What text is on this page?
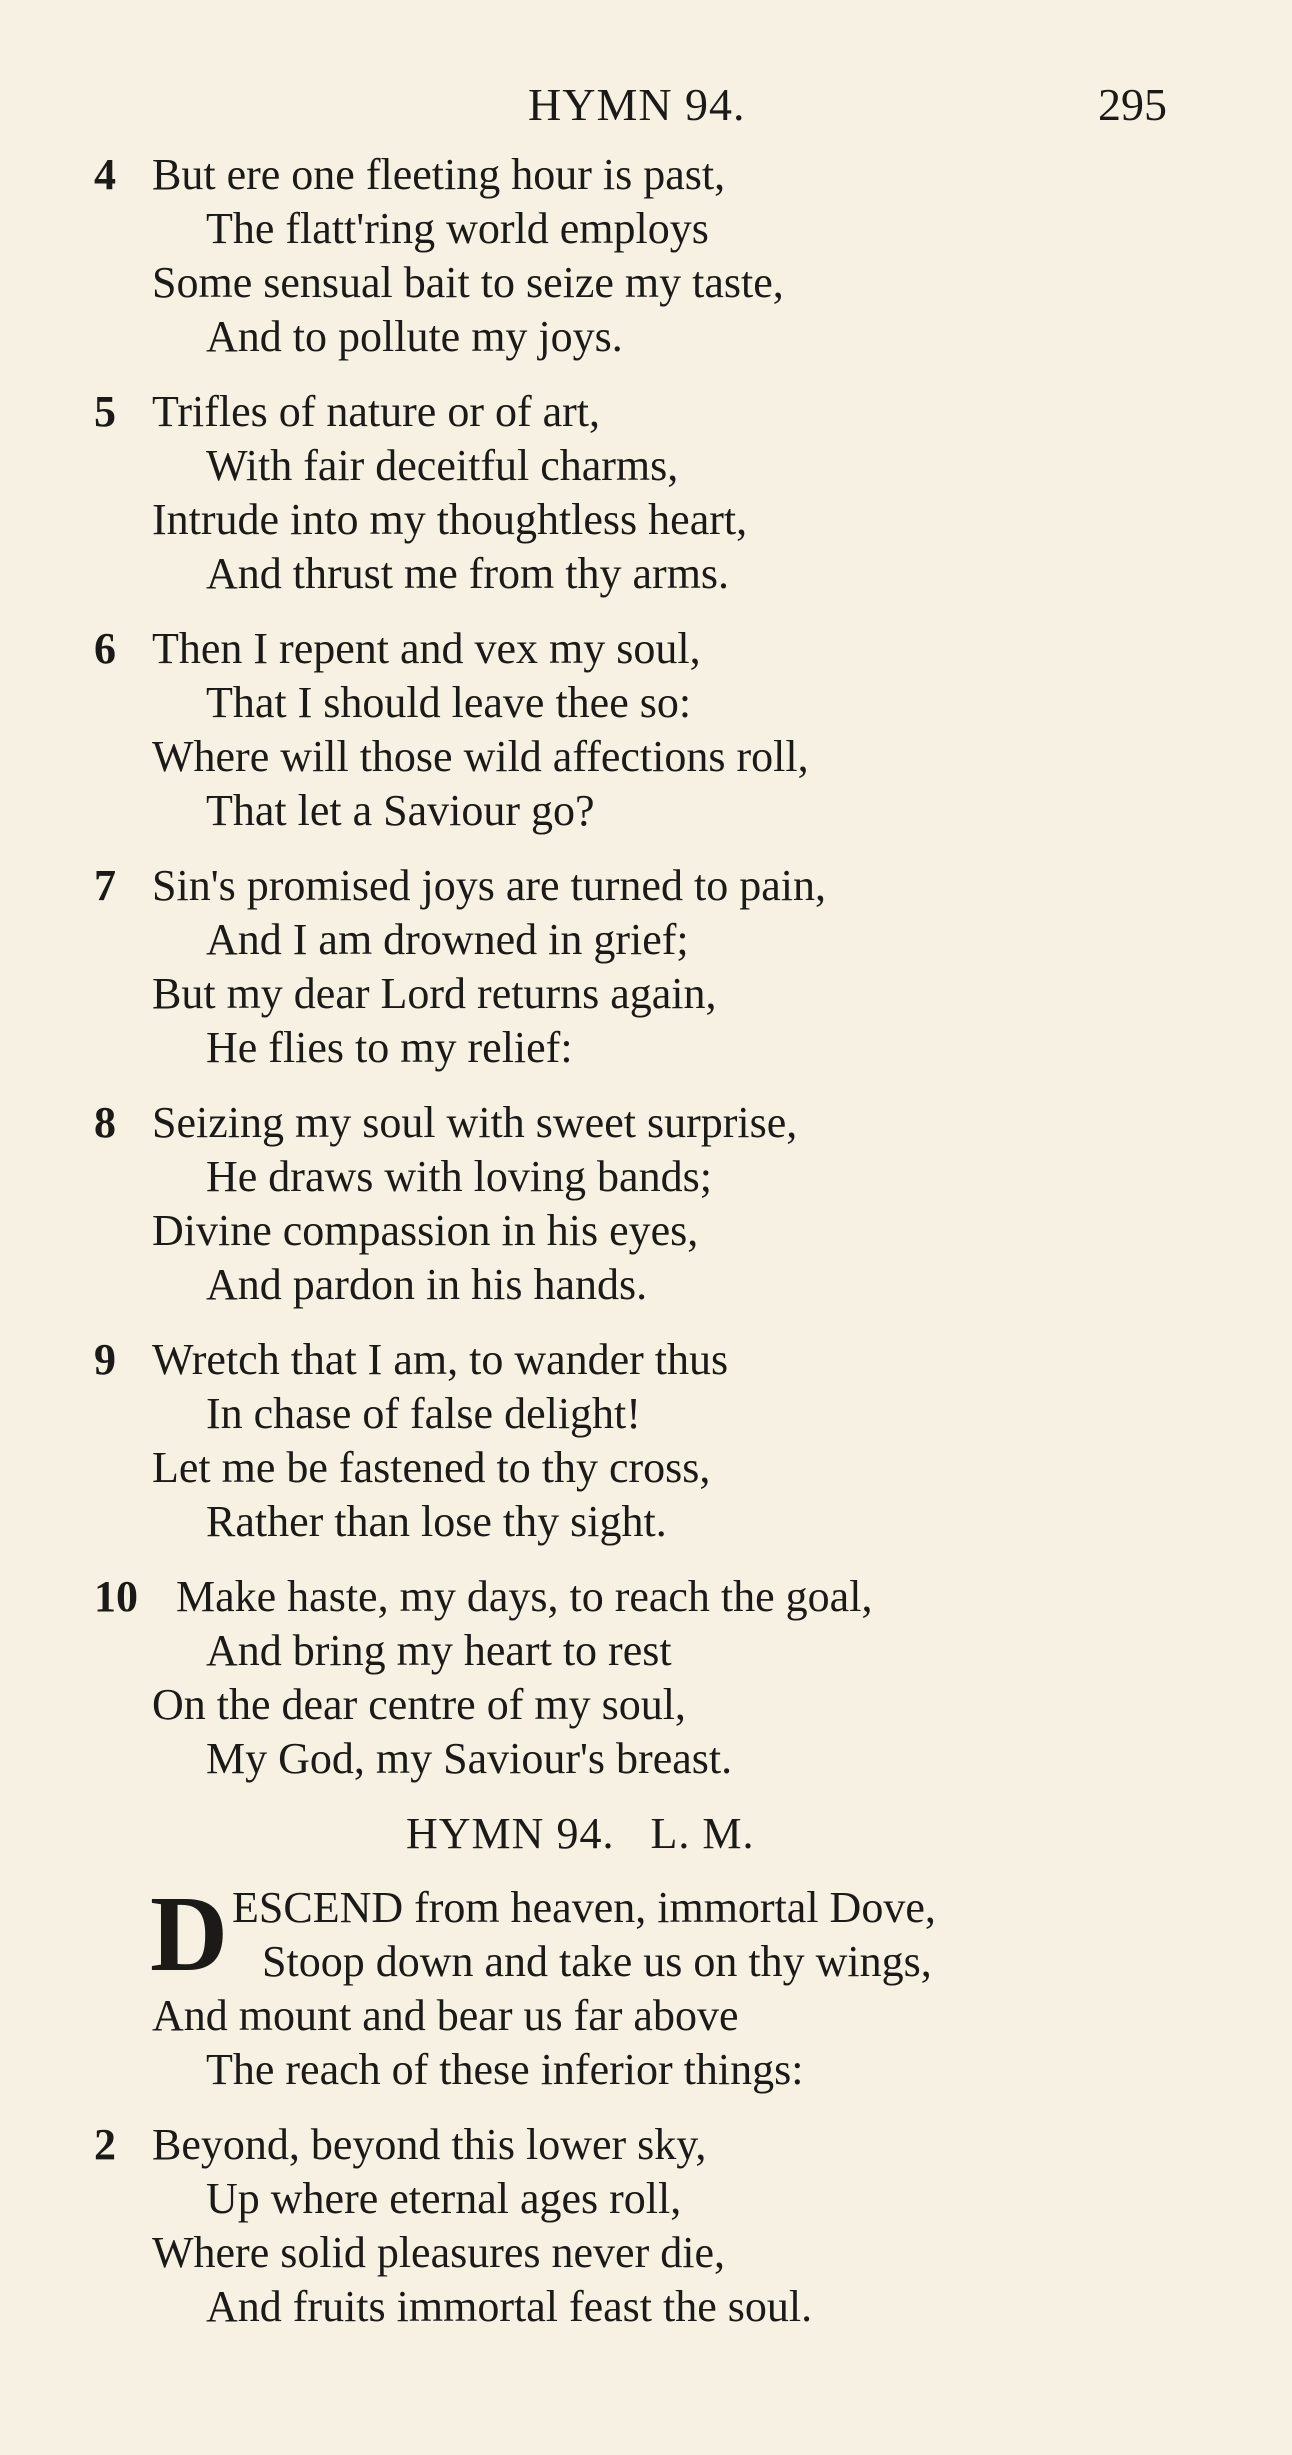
HYMN 94.	295
4 But ere one fleeting hour is past,
The flatt'ring world employs
Some sensual bait to seize my taste,
And to pollute my joys.
5 Trifles of nature or of art,
With fair deceitful charms,
Intrude into my thoughtless heart,
And thrust me from thy arms.
6 Then I repent and vex my soul,
That I should leave thee so:
Where will those wild affections roll,
That let a Saviour go?
7 Sin's promised joys are turned to pain,
And I am drowned in grief;
But my dear Lord returns again,
He flies to my relief:
8 Seizing my soul with sweet surprise,
He draws with loving bands;
Divine compassion in his eyes,
And pardon in his hands.
9 Wretch that I am, to wander thus
In chase of false delight!
Let me be fastened to thy cross,
Rather than lose thy sight.
10 Make haste, my days, to reach the goal,
And bring my heart to rest
On the dear centre of my soul,
My God, my Saviour's breast.
HYMN 94.   L. M.
D ESCEND from heaven, immortal Dove,
Stoop down and take us on thy wings,
And mount and bear us far above
The reach of these inferior things:
2 Beyond, beyond this lower sky,
Up where eternal ages roll,
Where solid pleasures never die,
And fruits immortal feast the soul.
